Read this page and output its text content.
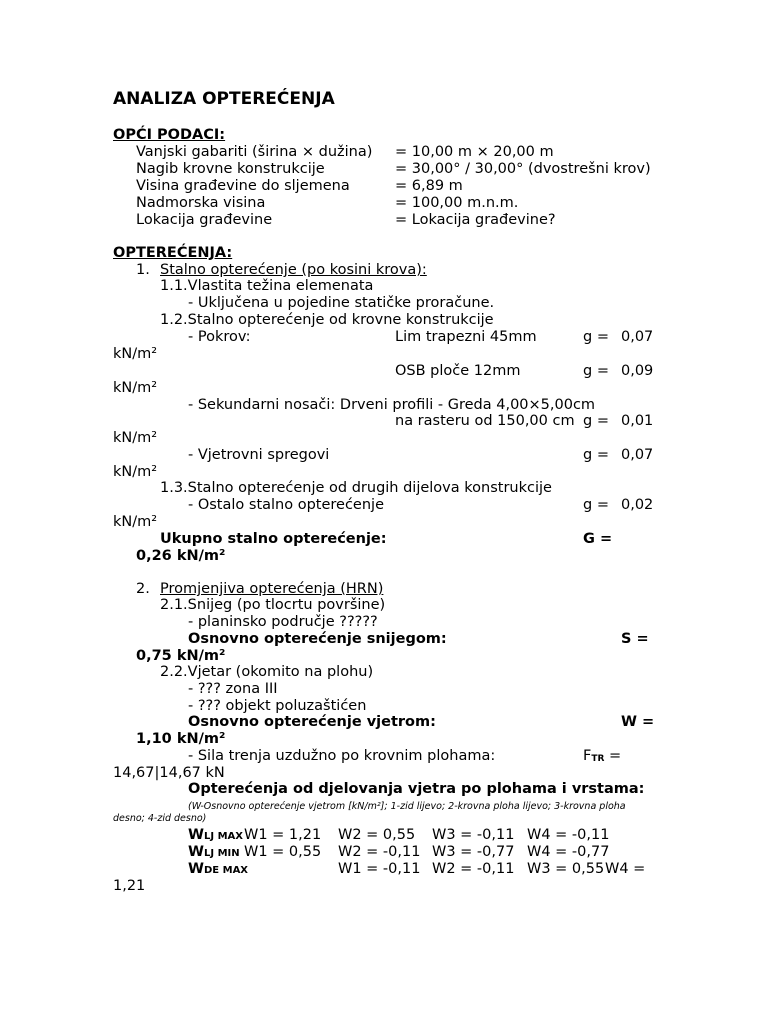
ANALIZA OPTEREĆENJA
OPĆI PODACI:
Vanjski gabariti (širina × dužina) = 10,00 m × 20,00 m
Nagib krovne konstrukcije	= 30,00° / 30,00° (dvostrešni krov)
Visina građevine do sljemena	= 6,89 m
Nadmorska visina	= 100,00 m.n.m.
Lokacija građevine	= Lokacija građevine?
OPTEREĆENJA:
1. Stalno opterećenje (po kosini krova):
1.1.Vlastita težina elemenata
- Uključena u pojedine statičke proračune.
1.2.Stalno opterećenje od krovne konstrukcije
- Pokrov:	Lim trapezni 45mm	g = 0,07
kN/m²
OSB ploče 12mm	g = 0,09
kN/m²
- Sekundarni nosači: Drveni profili - Greda 4,00×5,00cm
na rasteru od 150,00 cm g = 0,01
kN/m²
- Vjetrovni spregovi	g = 0,07
kN/m²
1.3.Stalno opterećenje od drugih dijelova konstrukcije
- Ostalo stalno opterećenje	g = 0,02
kN/m²
Ukupno stalno opterećenje:	G =
0,26 kN/m²
2. Promjenjiva opterećenja (HRN)
2.1.Snijeg (po tlocrtu površine)
- planinsko područje ?????
Osnovno opterećenje snijegom:	S =
0,75 kN/m²
2.2.Vjetar (okomito na plohu)
- ??? zona III
- ??? objekt poluzaštićen
Osnovno opterećenje vjetrom:	W =
1,10 kN/m²
- Sila trenja uzdužno po krovnim plohama:	$F_{TR}$ =
14,67|14,67 kN
Opterećenja od djelovanja vjetra po plohama i vrstama:
(W-Osnovno opterećenje vjetrom [kN/m²]; 1-zid lijevo; 2-krovna ploha lijevo; 3-krovna ploha
desno; 4-zid desno)
WLJ MAX W1 = 1,21 W2 = 0,55 W3 = -0,11 W4 = -0,11
WLJ MIN W1 = 0,55 W2 = -0,11 W3 = -0,77 W4 = -0,77
WDE MAX	W1 = -0,11 W2 = -0,11 W3 = 0,55 W4 =
1,21
